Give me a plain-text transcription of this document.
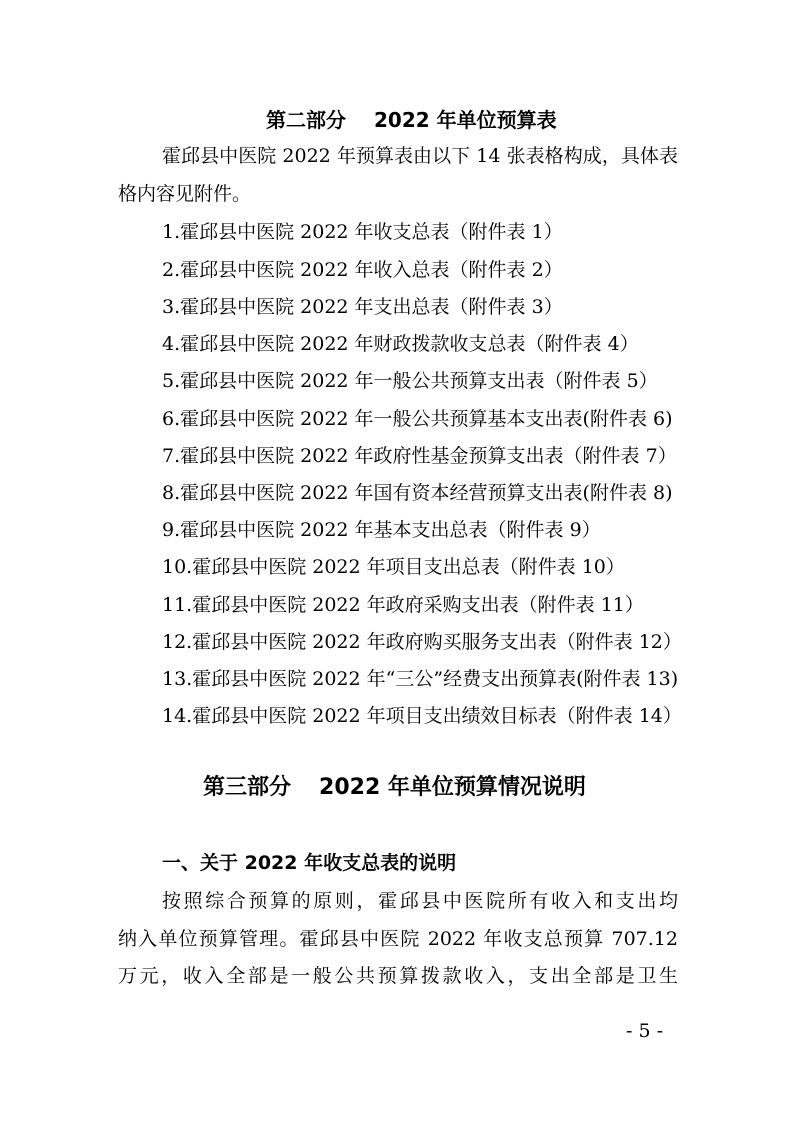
第二部分 2022 年单位预算表
霍邱县中医院 2022 年预算表由以下 14 张表格构成，具体表
格内容见附件。
1.霍邱县中医院 2022 年收支总表（附件表 1）
2.霍邱县中医院 2022 年收入总表（附件表 2）
3.霍邱县中医院 2022 年支出总表（附件表 3）
4.霍邱县中医院 2022 年财政拨款收支总表（附件表 4）
5.霍邱县中医院 2022 年一般公共预算支出表（附件表 5）
6.霍邱县中医院 2022 年一般公共预算基本支出表(附件表 6)
7.霍邱县中医院 2022 年政府性基金预算支出表（附件表 7）
8.霍邱县中医院 2022 年国有资本经营预算支出表(附件表 8)
9.霍邱县中医院 2022 年基本支出总表（附件表 9）
10.霍邱县中医院 2022 年项目支出总表（附件表 10）
11.霍邱县中医院 2022 年政府采购支出表（附件表 11）
12.霍邱县中医院 2022 年政府购买服务支出表（附件表 12）
13.霍邱县中医院 2022 年“三公”经费支出预算表(附件表 13)
14.霍邱县中医院 2022 年项目支出绩效目标表（附件表 14）
第三部分 2022 年单位预算情况说明
一、关于 2022 年收支总表的说明
按照综合预算的原则，霍邱县中医院所有收入和支出均
纳入单位预算管理。霍邱县中医院 2022 年收支总预算 707.12
万元，收入全部是一般公共预算拨款收入，支出全部是卫生
- 5 -
